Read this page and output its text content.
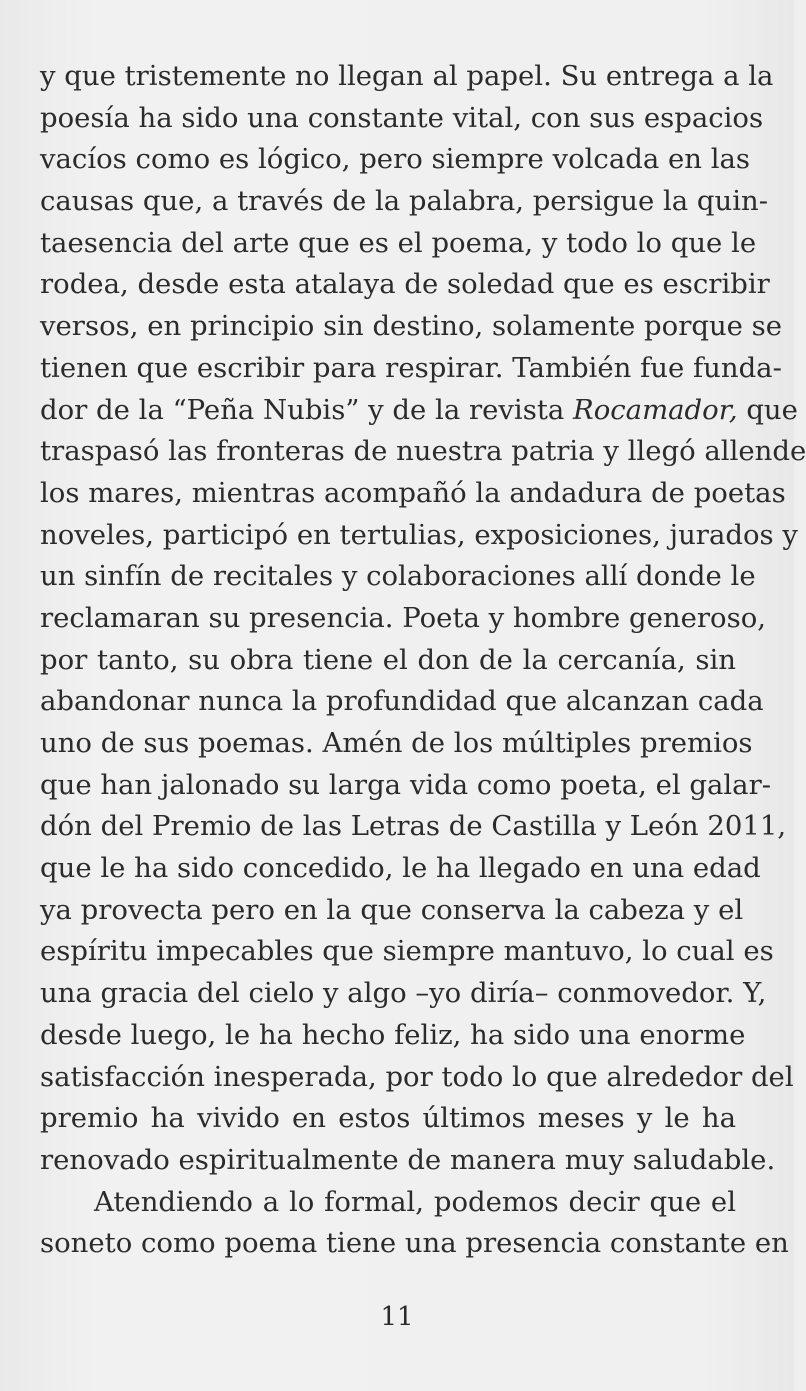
y que tristemente no llegan al papel. Su entrega a la
poesía ha sido una constante vital, con sus espacios
vacíos como es lógico, pero siempre volcada en las
causas que, a través de la palabra, persigue la quin-
taesencia del arte que es el poema, y todo lo que le
rodea, desde esta atalaya de soledad que es escribir
versos, en principio sin destino, solamente porque se
tienen que escribir para respirar. También fue funda-
dor de la “Peña Nubis” y de la revista Rocamador, que
traspasó las fronteras de nuestra patria y llegó allende
los mares, mientras acompañó la andadura de poetas
noveles, participó en tertulias, exposiciones, jurados y
un sinfín de recitales y colaboraciones allí donde le
reclamaran su presencia. Poeta y hombre generoso,
por tanto, su obra tiene el don de la cercanía, sin
abandonar nunca la profundidad que alcanzan cada
uno de sus poemas. Amén de los múltiples premios
que han jalonado su larga vida como poeta, el galar-
dón del Premio de las Letras de Castilla y León 2011,
que le ha sido concedido, le ha llegado en una edad
ya provecta pero en la que conserva la cabeza y el
espíritu impecables que siempre mantuvo, lo cual es
una gracia del cielo y algo –yo diría– conmovedor. Y,
desde luego, le ha hecho feliz, ha sido una enorme
satisfacción inesperada, por todo lo que alrededor del
premio ha vivido en estos últimos meses y le ha
renovado espiritualmente de manera muy saludable.
Atendiendo a lo formal, podemos decir que el
soneto como poema tiene una presencia constante en
11
